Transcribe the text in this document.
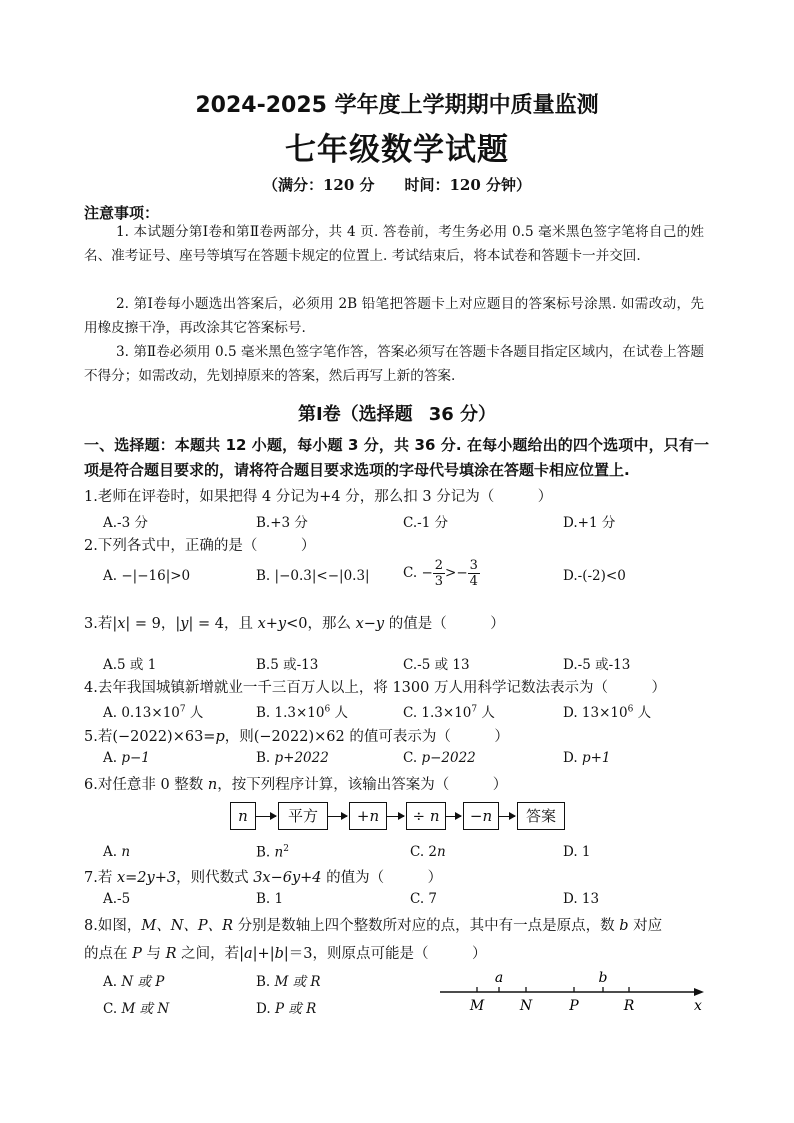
2024-2025 学年度上学期期中质量监测
七年级数学试题
（满分：120 分　　时间：120 分钟）
注意事项：
1. 本试题分第Ⅰ卷和第Ⅱ卷两部分，共 4 页. 答卷前，考生务必用 0.5 毫米黑色签字笔将自己的姓名、准考证号、座号等填写在答题卡规定的位置上. 考试结束后，将本试卷和答题卡一并交回.
2. 第Ⅰ卷每小题选出答案后，必须用 2B 铅笔把答题卡上对应题目的答案标号涂黑. 如需改动，先用橡皮擦干净，再改涂其它答案标号.
3. 第Ⅱ卷必须用 0.5 毫米黑色签字笔作答，答案必须写在答题卡各题目指定区域内，在试卷上答题不得分；如需改动，先划掉原来的答案，然后再写上新的答案.
第Ⅰ卷（选择题 36 分）
一、选择题：本题共 12 小题，每小题 3 分，共 36 分. 在每小题给出的四个选项中，只有一项是符合题目要求的，请将符合题目要求选项的字母代号填涂在答题卡相应位置上.
1.老师在评卷时，如果把得 4 分记为+4 分，那么扣 3 分记为（　　　）
A.-3 分	B.+3 分	C.-1 分	D.+1 分
2.下列各式中，正确的是（　　　）
A. −|−16|>0	B. |−0.3|<−|0.3| C. − $\frac{2}{3} >- \frac{3}{4}$	D.-(-2)<0
3.若|x| = 9，|y| = 4，且 x+y<0，那么 x−y 的值是（　　　）
A.5 或 1	B.5 或-13	C.-5 或 13	D.-5 或-13
4.去年我国城镇新增就业一千三百万人以上，将 1300 万人用科学记数法表示为（　　　）
A. $0.13\times 10^7$ 人	B. $1.3\times 10^6$ 人	C. $1.3\times 10^7$ 人	D. $13\times 10^6$ 人
5.若(−2022)×63=p，则(−2022)×62 的值可表示为（　　　）
A. p−1	B. p+2022	C. p−2022	D. p+1
6.对任意非 0 整数 n，按下列程序计算，该输出答案为（　　　）
n	平方	+n	÷ n	−n	答案
A. n	B. $n^2$	C. 2n	D. 1
7.若 x=2y+3，则代数式 3x−6y+4 的值为（　　　）
A.-5	B. 1	C. 7	D. 13
8.如图，M、N、P、R 分别是数轴上四个整数所对应的点，其中有一点是原点，数 b 对应
的点在 P 与 R 之间，若|a|+|b|＝3，则原点可能是（　　　）
A. N 或 P	B. M 或 R
C. M 或 N	D. P 或 R
a	b
M	N	P	R	x
